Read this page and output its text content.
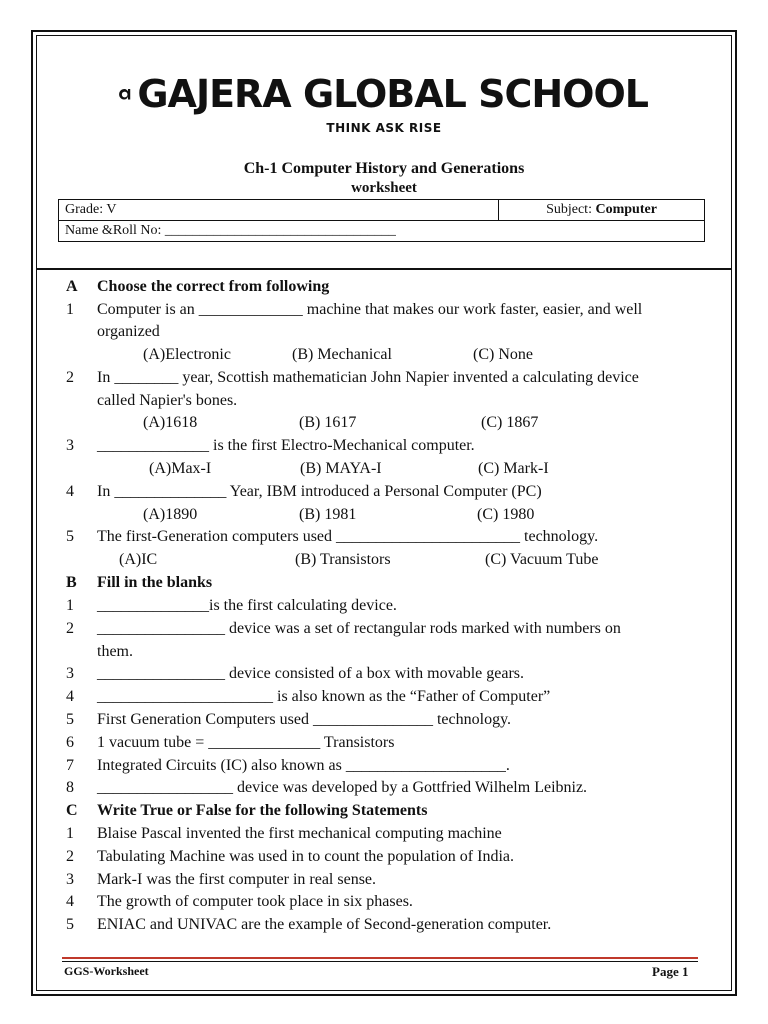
GAJERA GLOBAL SCHOOL
THINK ASK RISE
Ch-1 Computer History and Generations
worksheet
Grade: V	Subject: Computer
Name &Roll No: _________________________________
A Choose the correct from following
1 Computer is an _____________ machine that makes our work faster, easier, and well
organized
(A)Electronic	(B) Mechanical	(C) None
2 In ________ year, Scottish mathematician John Napier invented a calculating device
called Napier's bones.
(A)1618	(B) 1617	(C) 1867
3 ______________ is the first Electro-Mechanical computer.
(A)Max-I	(B) MAYA-I	(C) Mark-I
4 In ______________ Year, IBM introduced a Personal Computer (PC)
(A)1890	(B) 1981	(C) 1980
5 The first-Generation computers used _______________________ technology.
(A)IC	(B) Transistors	(C) Vacuum Tube
B Fill in the blanks
1 ______________is the first calculating device.
2 ________________ device was a set of rectangular rods marked with numbers on
them.
3 ________________ device consisted of a box with movable gears.
4 ______________________ is also known as the “Father of Computer”
5 First Generation Computers used _______________ technology.
6 1 vacuum tube = ______________ Transistors
7 Integrated Circuits (IC) also known as ____________________.
8 _________________ device was developed by a Gottfried Wilhelm Leibniz.
C Write True or False for the following Statements
1 Blaise Pascal invented the first mechanical computing machine
2 Tabulating Machine was used in to count the population of India.
3 Mark-I was the first computer in real sense.
4 The growth of computer took place in six phases.
5 ENIAC and UNIVAC are the example of Second-generation computer.
GGS-Worksheet	Page 1
